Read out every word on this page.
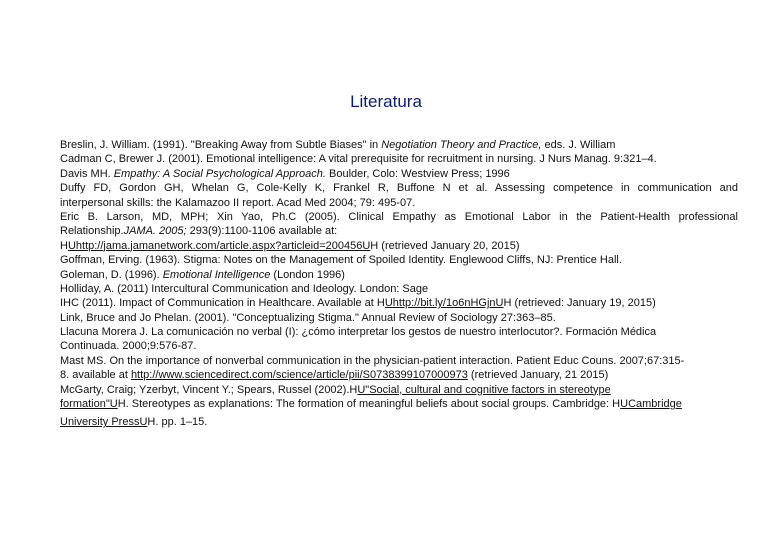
Literatura
Breslin, J. William. (1991). "Breaking Away from Subtle Biases" in Negotiation Theory and Practice, eds. J. William
Cadman C, Brewer J. (2001). Emotional intelligence: A vital prerequisite for recruitment in nursing. J Nurs Manag. 9:321–4.
Davis MH. Empathy: A Social Psychological Approach. Boulder, Colo: Westview Press; 1996
Duffy FD, Gordon GH, Whelan G, Cole-Kelly K, Frankel R, Buffone N et al. Assessing competence in communication and
interpersonal skills: the Kalamazoo II report. Acad Med 2004; 79: 495-07.
Eric B. Larson, MD, MPH; Xin Yao, Ph.C (2005). Clinical Empathy as Emotional Labor in the Patient-Health professional
Relationship.JAMA. 2005; 293(9):1100-1106 available at:
HUhttp://jama.jamanetwork.com/article.aspx?articleid=200456UH (retrieved January 20, 2015)
Goffman, Erving. (1963). Stigma: Notes on the Management of Spoiled Identity. Englewood Cliffs, NJ: Prentice Hall.
Goleman, D. (1996). Emotional Intelligence (London 1996)
Holliday, A. (2011) Intercultural Communication and Ideology. London: Sage
IHC (2011). Impact of Communication in Healthcare. Available at HUhttp://bit.ly/1o6nHGjnUH (retrieved: January 19, 2015)
Link, Bruce and Jo Phelan. (2001). "Conceptualizing Stigma." Annual Review of Sociology 27:363–85.
Llacuna Morera J. La comunicación no verbal (I): ¿cómo interpretar los gestos de nuestro interlocutor?. Formación Médica
Continuada. 2000;9:576-87.
Mast MS. On the importance of nonverbal communication in the physician-patient interaction. Patient Educ Couns. 2007;67:315-
8. available at http://www.sciencedirect.com/science/article/pii/S0738399107000973 (retrieved January, 21 2015)
McGarty, Craig; Yzerbyt, Vincent Y.; Spears, Russel (2002).HU"Social, cultural and cognitive factors in stereotype
formation"UH. Stereotypes as explanations: The formation of meaningful beliefs about social groups. Cambridge: HUCambridge
University PressUH. pp. 1–15.
